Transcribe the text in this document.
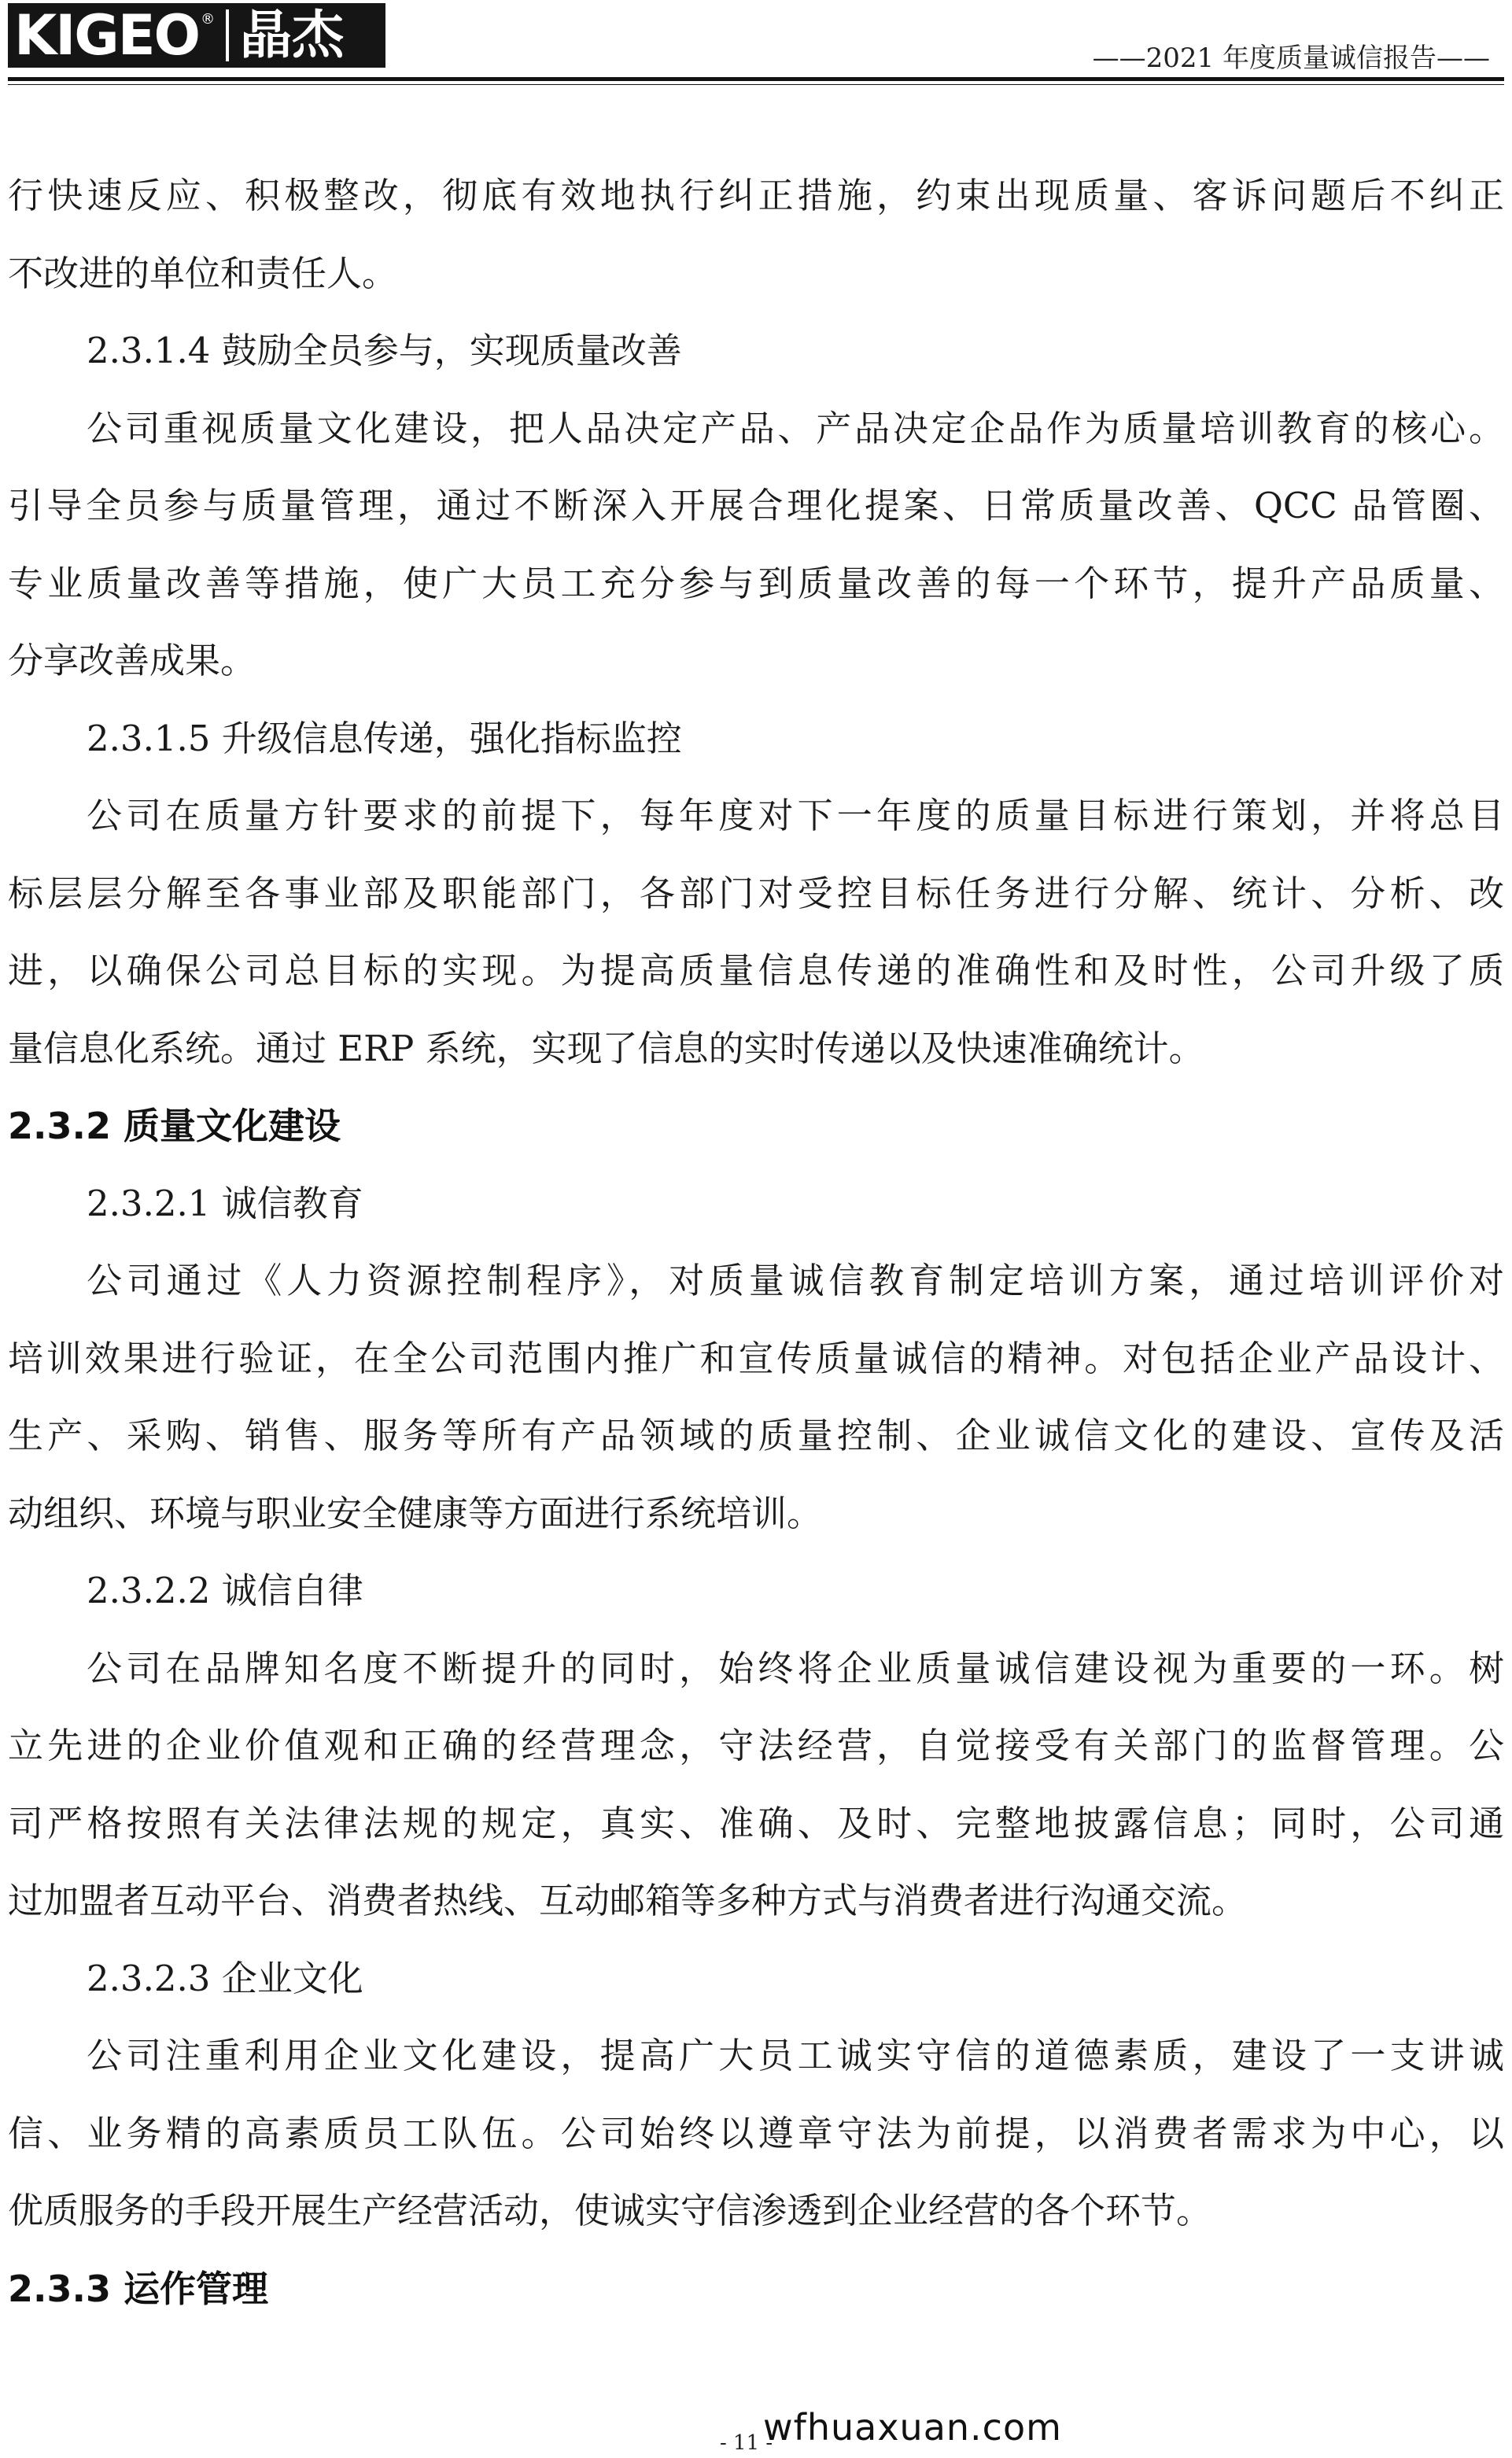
KIGEO ® 晶杰	——2021 年度质量诚信报告——

行快速反应、积极整改，彻底有效地执行纠正措施，约束出现质量、客诉问题后不纠正

不改进的单位和责任人。

2.3.1.4 鼓励全员参与，实现质量改善

公司重视质量文化建设，把人品决定产品、产品决定企品作为质量培训教育的核心。

引导全员参与质量管理，通过不断深入开展合理化提案、日常质量改善、QCC 品管圈、

专业质量改善等措施，使广大员工充分参与到质量改善的每一个环节，提升产品质量、

分享改善成果。

2.3.1.5 升级信息传递，强化指标监控

公司在质量方针要求的前提下，每年度对下一年度的质量目标进行策划，并将总目

标层层分解至各事业部及职能部门，各部门对受控目标任务进行分解、统计、分析、改

进，以确保公司总目标的实现。为提高质量信息传递的准确性和及时性，公司升级了质

量信息化系统。通过 ERP 系统，实现了信息的实时传递以及快速准确统计。

2.3.2 质量文化建设

2.3.2.1 诚信教育

公司通过《人力资源控制程序》，对质量诚信教育制定培训方案，通过培训评价对

培训效果进行验证，在全公司范围内推广和宣传质量诚信的精神。对包括企业产品设计、

生产、采购、销售、服务等所有产品领域的质量控制、企业诚信文化的建设、宣传及活

动组织、环境与职业安全健康等方面进行系统培训。

2.3.2.2 诚信自律

公司在品牌知名度不断提升的同时，始终将企业质量诚信建设视为重要的一环。树

立先进的企业价值观和正确的经营理念，守法经营，自觉接受有关部门的监督管理。公

司严格按照有关法律法规的规定，真实、准确、及时、完整地披露信息；同时，公司通

过加盟者互动平台、消费者热线、互动邮箱等多种方式与消费者进行沟通交流。

2.3.2.3 企业文化

公司注重利用企业文化建设，提高广大员工诚实守信的道德素质，建设了一支讲诚

信、业务精的高素质员工队伍。公司始终以遵章守法为前提，以消费者需求为中心，以

优质服务的手段开展生产经营活动，使诚实守信渗透到企业经营的各个环节。

2.3.3 运作管理

wfhuaxuan.com
- 11 -
